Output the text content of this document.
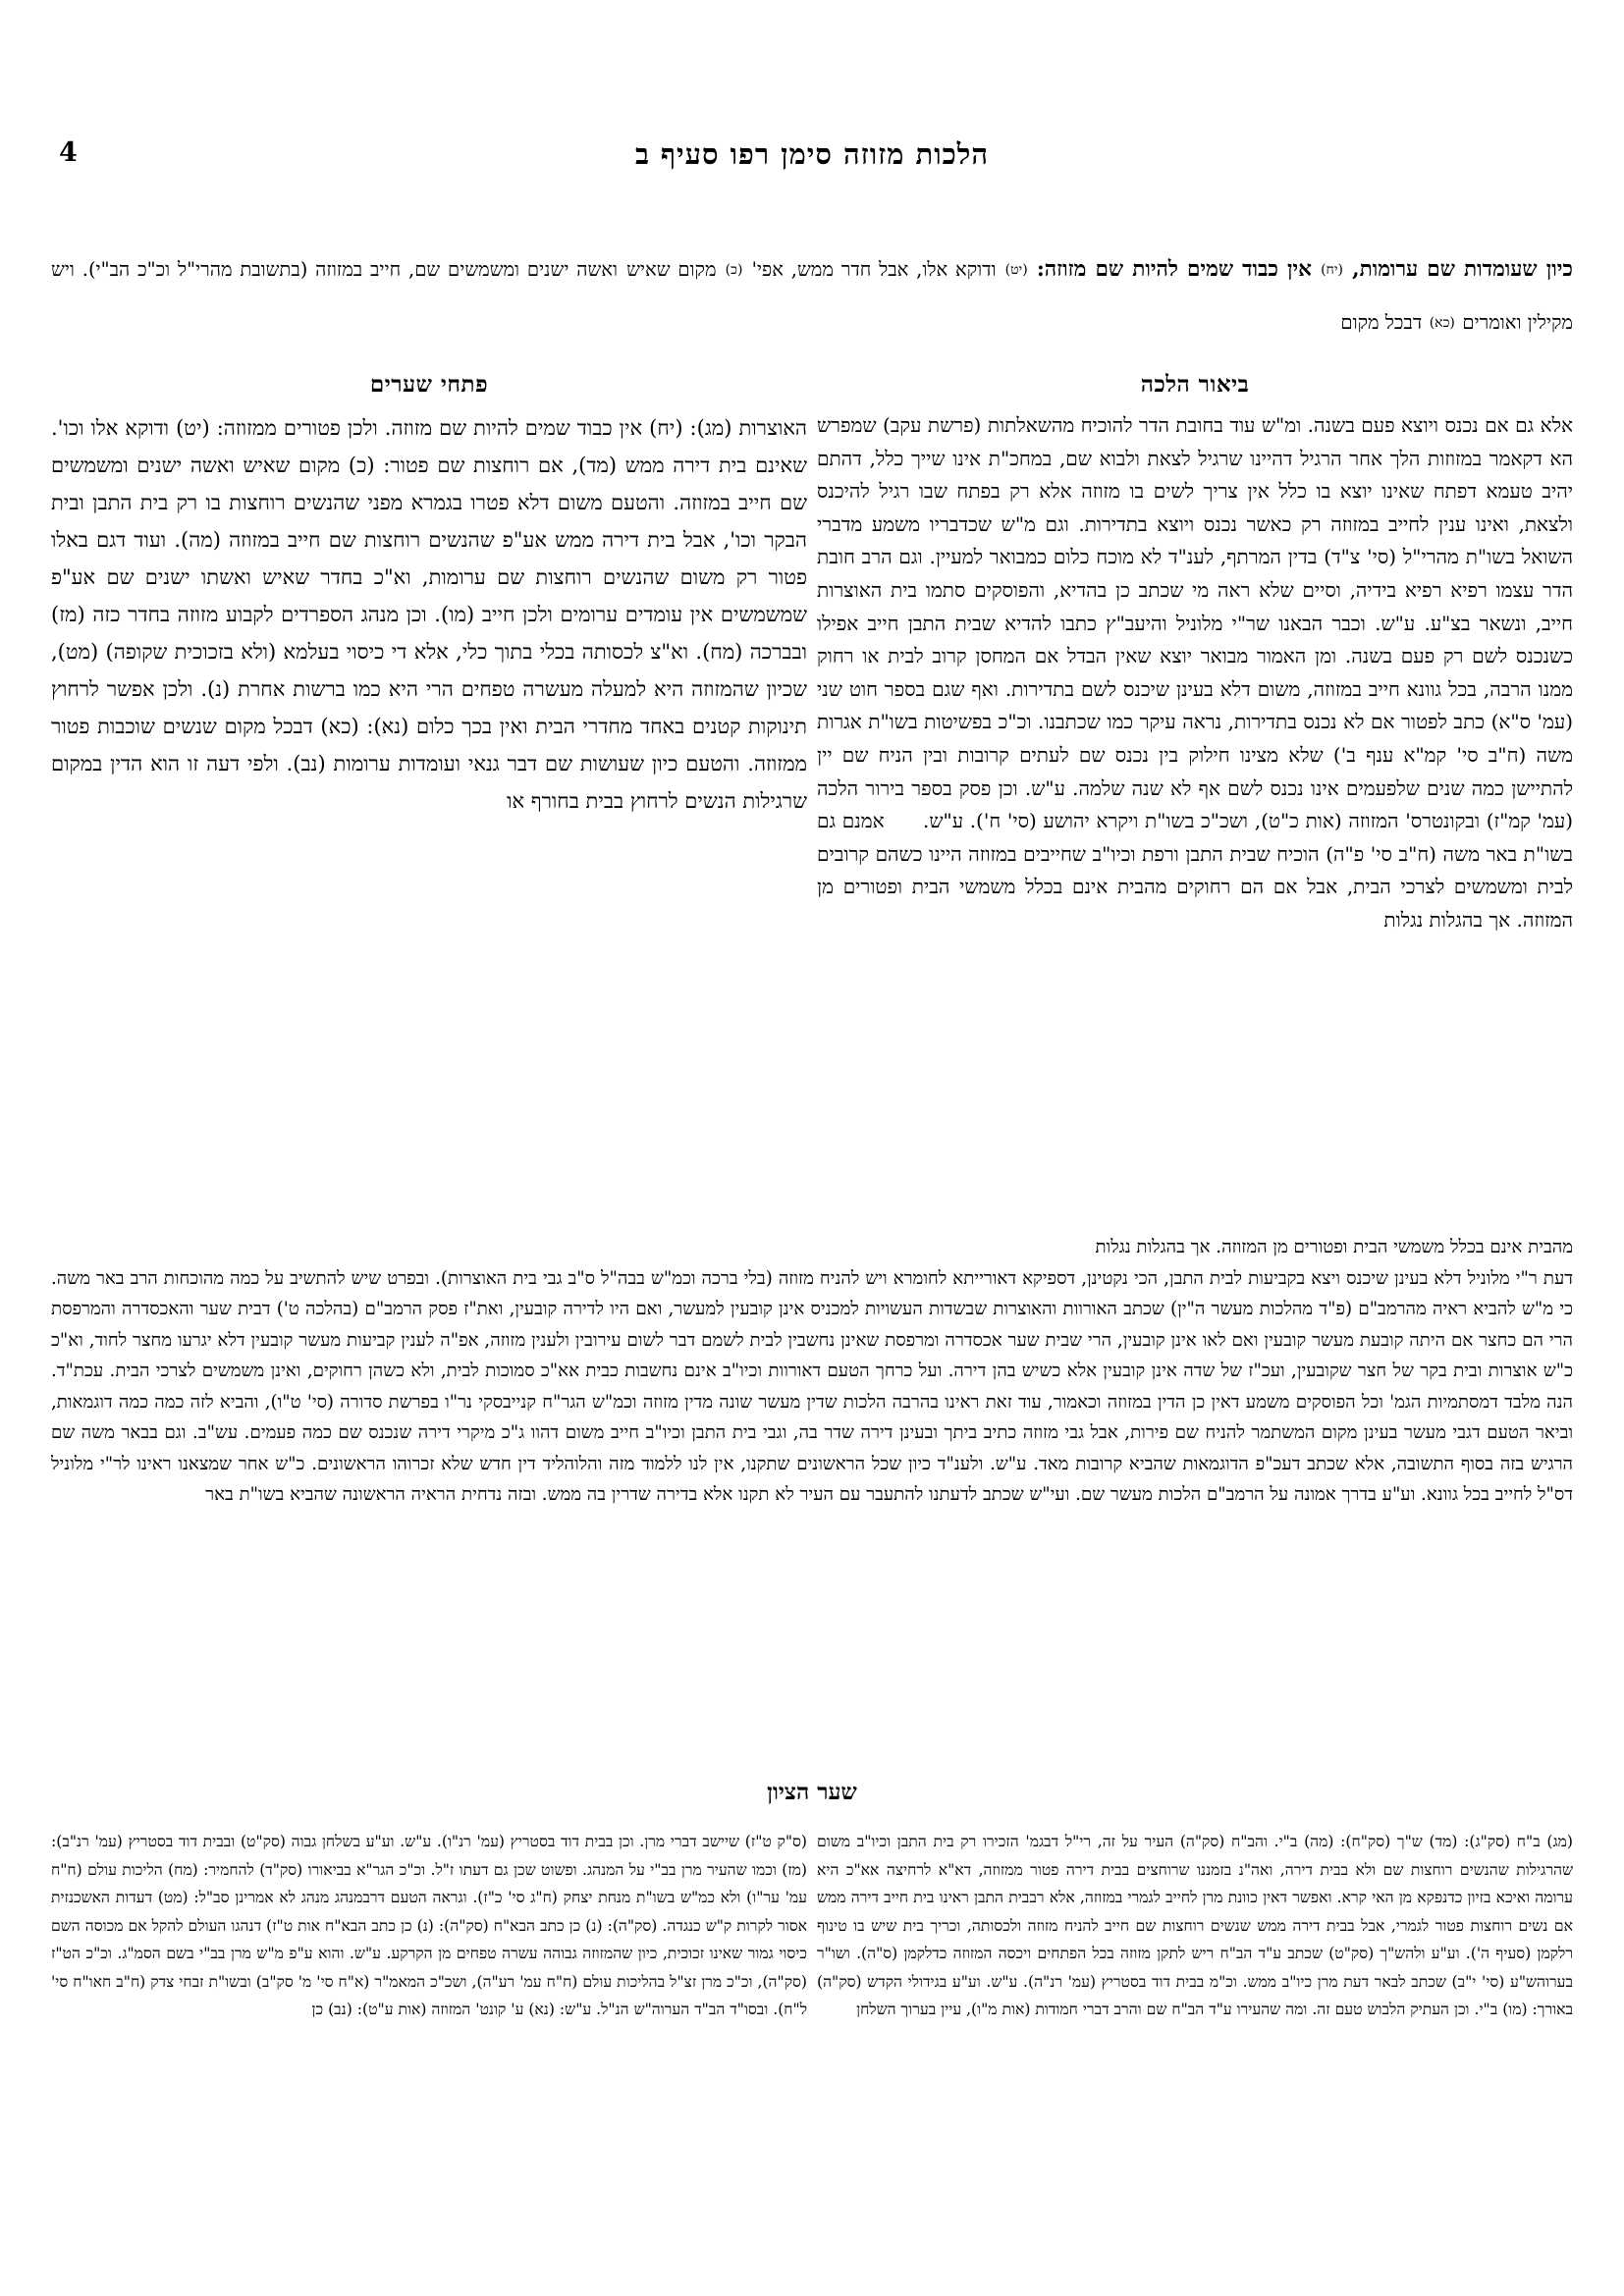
4	הלכות מזוזה סימן רפו סעיף ב
כיון שעומדות שם ערומות, (יח) אין כבוד שמים להיות שם מזוזה: (יט) ודוקא אלו, אבל חדר ממש, אפי' (כ) מקום שאיש ואשה ישנים ומשמשים שם, חייב במזוזה (בתשובת מהרי"ל וכ"כ הב"י). ויש מקילין ואומרים (כא) דבכל מקום
ביאור הלכה
אלא גם אם נכנס ויוצא פעם בשנה. ומ"ש עוד בחובת הדר להוכיח מהשאלתות (פרשת עקב) שמפרש הא דקאמר במזוזות הלך אחר הרגיל דהיינו שרגיל לצאת ולבוא שם, במחכ"ת אינו שייך כלל, דהתם יהיב טעמא דפתח שאינו יוצא בו כלל אין צריך לשים בו מזוזה אלא רק בפתח שבו רגיל להיכנס ולצאת, ואינו ענין לחייב במזוזה רק כאשר נכנס ויוצא בתדירות. וגם מ"ש שכדבריו משמע מדברי השואל בשו"ת מהרי"ל (סי' צ"ד) בדין המרתף, לענ"ד לא מוכח כלום כמבואר למעיין. וגם הרב חובת הדר עצמו רפיא רפיא בידיה, וסיים שלא ראה מי שכתב כן בהדיא, והפוסקים סתמו בית האוצרות חייב, ונשאר בצ"ע. ע"ש. וכבר הבאנו שר"י מלוניל והיעב"ץ כתבו להדיא שבית התבן חייב אפילו כשנכנס לשם רק פעם בשנה. ומן האמור מבואר יוצא שאין הבדל אם המחסן קרוב לבית או רחוק ממנו הרבה, בכל גוונא חייב במזוזה, משום דלא בעינן שיכנס לשם בתדירות. ואף שגם בספר חוט שני (עמ' ס"א) כתב לפטור אם לא נכנס בתדירות, נראה עיקר כמו שכתבנו. וכ"כ בפשיטות בשו"ת אגרות משה (ח"ב סי' קמ"א ענף ב') שלא מצינו חילוק בין נכנס שם לעתים קרובות ובין הניח שם יין להתיישן כמה שנים שלפעמים אינו נכנס לשם אף לא שנה שלמה. ע"ש. וכן פסק בספר בירור הלכה (עמ' קמ"ז) ובקונטרס' המזוזה (אות כ"ט), ושכ"כ בשו"ת ויקרא יהושע (סי' ח'). ע"ש.  אמנם גם בשו"ת באר משה (ח"ב סי' פ"ה) הוכיח שבית התבן ורפת וכיו"ב שחייבים במזוזה היינו כשהם קרובים לבית ומשמשים לצרכי הבית, אבל אם הם רחוקים מהבית אינם בכלל משמשי הבית ופטורים מן המזוזה. אך בהגלות נגלות
פתחי שערים
האוצרות (מג): (יח) אין כבוד שמים להיות שם מזוזה. ולכן פטורים ממזוזה: (יט) ודוקא אלו וכו'. שאינם בית דירה ממש (מד), אם רוחצות שם פטור: (כ) מקום שאיש ואשה ישנים ומשמשים שם חייב במזוזה. והטעם משום דלא פטרו בגמרא מפני שהנשים רוחצות בו רק בית התבן ובית הבקר וכו', אבל בית דירה ממש אע"פ שהנשים רוחצות שם חייב במזוזה (מה). ועוד דגם באלו פטור רק משום שהנשים רוחצות שם ערומות, וא"כ בחדר שאיש ואשתו ישנים שם אע"פ שמשמשים אין עומדים ערומים ולכן חייב (מו). וכן מנהג הספרדים לקבוע מזוזה בחדר כזה (מז) ובברכה (מח). וא"צ לכסותה בכלי בתוך כלי, אלא די כיסוי בעלמא (ולא בזכוכית שקופה) (מט), שכיון שהמזוזה היא למעלה מעשרה טפחים הרי היא כמו ברשות אחרת (נ). ולכן אפשר לרחוץ תינוקות קטנים באחד מחדרי הבית ואין בכך כלום (נא): (כא) דבכל מקום שנשים שוכבות פטור ממזוזה. והטעם כיון שעושות שם דבר גנאי ועומדות ערומות (נב). ולפי דעה זו הוא הדין במקום שרגילות הנשים לרחוץ בבית בחורף או
מהבית אינם בכלל משמשי הבית ופטורים מן המזוזה. אך בהגלות נגלות
דעת ר"י מלוניל דלא בעינן שיכנס ויצא בקביעות לבית התבן, הכי נקטינן, דספיקא דאורייתא לחומרא ויש להניח מזוזה (בלי ברכה וכמ"ש בבה"ל ס"ב גבי בית האוצרות). ובפרט שיש להתשיב על כמה מהוכחות הרב באר משה. כי מ"ש להביא ראיה מהרמב"ם (פ"ד מהלכות מעשר ה"ין) שכתב האורוות והאוצרות שבשדות העשויות למכניס אינן קובעין למעשר, ואם היו לדירה קובעין, ואת"ז פסק הרמב"ם (בהלכה ט') דבית שער והאכסדרה והמרפסת הרי הם כחצר אם היתה קובעת מעשר קובעין ואם לאו אינן קובעין, הרי שבית שער אכסדרה ומרפסת שאינן נחשבין לבית לשמם דבר לשום עירובין ולענין מזוזה, אפ"ה לענין קביעות מעשר קובעין דלא יגרעו מחצר לחוד, וא"כ כ"ש אוצרות ובית בקר של חצר שקובעין, ועכ"ז של שדה אינן קובעין אלא כשיש בהן דירה. ועל כרחך הטעם דאורוות וכיו"ב אינם נחשבות כבית אא"כ סמוכות לבית, ולא כשהן רחוקים, ואינן משמשים לצרכי הבית. עכת"ד. הנה מלבד דמסתמיות הגמ' וכל הפוסקים משמע דאין כן הדין במזוזה וכאמור, עוד זאת ראינו בהרבה הלכות שדין מעשר שונה מדין מזוזה וכמ"ש הגר"ח קנייבסקי נר"ו בפרשת סדורה (סי' ט"ו), והביא לזה כמה כמה דוגמאות, וביאר הטעם דגבי מעשר בעינן מקום המשתמר להניח שם פירות, אבל גבי מזוזה כתיב ביתך ובעינן דירה שדר בה, וגבי בית התבן וכיו"ב חייב משום דהוו ג"כ מיקרי דירה שנכנס שם כמה פעמים. עש"ב. וגם בבאר משה שם הרגיש בזה בסוף התשובה, אלא שכתב דעכ"פ הדוגמאות שהביא קרובות מאד. ע"ש. ולענ"ד כיון שכל הראשונים שתקנו, אין לנו ללמוד מזה והלוהליד דין חדש שלא זכרוהו הראשונים. כ"ש אחר שמצאנו ראינו לר"י מלוניל דס"ל לחייב בכל גוונא. וע"ע בדרך אמונה על הרמב"ם הלכות מעשר שם. ועי"ש שכתב לדעתנו להתעבר עם העיר לא תקנו אלא בדירה שדרין בה ממש. ובזה נדחית הראיה הראשונה שהביא בשו"ת באר
שער הציון
(מג) ב"ח (סק"ג): (מד) ש"ך (סק"ח): (מה) ב"י. והב"ח (סק"ה) העיר על זה, רי"ל דבגמ' הזכירו רק בית התבן וכיו"ב משום שהרגילות שהנשים רוחצות שם ולא בבית דירה, ואה"נ בזמננו שרוחצים בבית דירה פטור ממזוזה, דא"א לרחיצה אא"כ היא ערומה ואיכא בזיון כדנפקא מן האי קרא. ואפשר דאין כוונת מרן לחייב לגמרי במזוזה, אלא רבבית התבן ראינו בית חייב דירה ממש אם נשים רוחצות פטור לגמרי, אבל בבית דירה ממש שנשים רוחצות שם חייב להניח מזוזה ולכסותה, וכריך בית שיש בו טינוף רלקמן (סעיף ה'). וע"ע ולהש"ך (סק"ט) שכתב ע"ד הב"ח ריש לתקן מזוזה בכל הפתחים ויכסה המזוזה כדלקמן (ס"ה). ושו"ר בערוהש"ע (סי' י"ב) שכתב לבאר דעת מרן כיו"ב ממש. וכ"מ בבית דוד בסטריץ (עמ' רנ"ה). ע"ש. וע"ע בגידולי הקדש (סק"ה) באורך: (מו) ב"י. וכן העתיק הלבוש טעם זה. ומה שהעירו ע"ד הב"ח שם והרב דברי חמודות (אות מ"ו), עיין בערוך השלחן
(ס"ק ט"ז) שיישב דברי מרן. וכן בבית דוד בסטריץ (עמ' רנ"ו). ע"ש. וע"ע בשלחן גבוה (סק"ט) ובבית דוד בסטריץ (עמ' רנ"ב): (מז) וכמו שהעיר מרן בב"י על המנהג. ופשוט שכן גם דעתו ז"ל. וכ"כ הגר"א בביאורו (סק"ד) להחמיר: (מח) הליכות עולם (ח"ח עמ' ער"ו) ולא כמ"ש בשו"ת מנחת יצחק (ח"ג סי' כ"ז). וגראה הטעם דרבמנהג מנהג לא אמרינן סב"ל: (מט) דעדות האשכנזית אסור לקרות ק"ש כנגדה. (סק"ה): (נ) כן כתב הבא"ח (סק"ה): (נ) כן כתב הבא"ח אות ט"ז) דנהגו העולם להקל אם מכוסה השם כיסוי גמור שאינו זכוכית, כיון שהמזוזה גבוהה עשרה טפחים מן הקרקע. ע"ש. והוא ע"פ מ"ש מרן בב"י בשם הסמ"ג. וכ"כ הט"ז (סק"ה), וכ"כ מרן זצ"ל בהליכות עולם (ח"ח עמ' רע"ה), ושכ"כ המאמ"ר (א"ח סי' מ' סק"ב) ובשו"ת זבחי צדק (ח"ב חאו"ח סי' ל"ח). ובסו"ד הב"ד הערוה"ש הנ"ל. ע"ש: (נא) ע' קונט' המזוזה (אות ע"ט): (נב) כן
